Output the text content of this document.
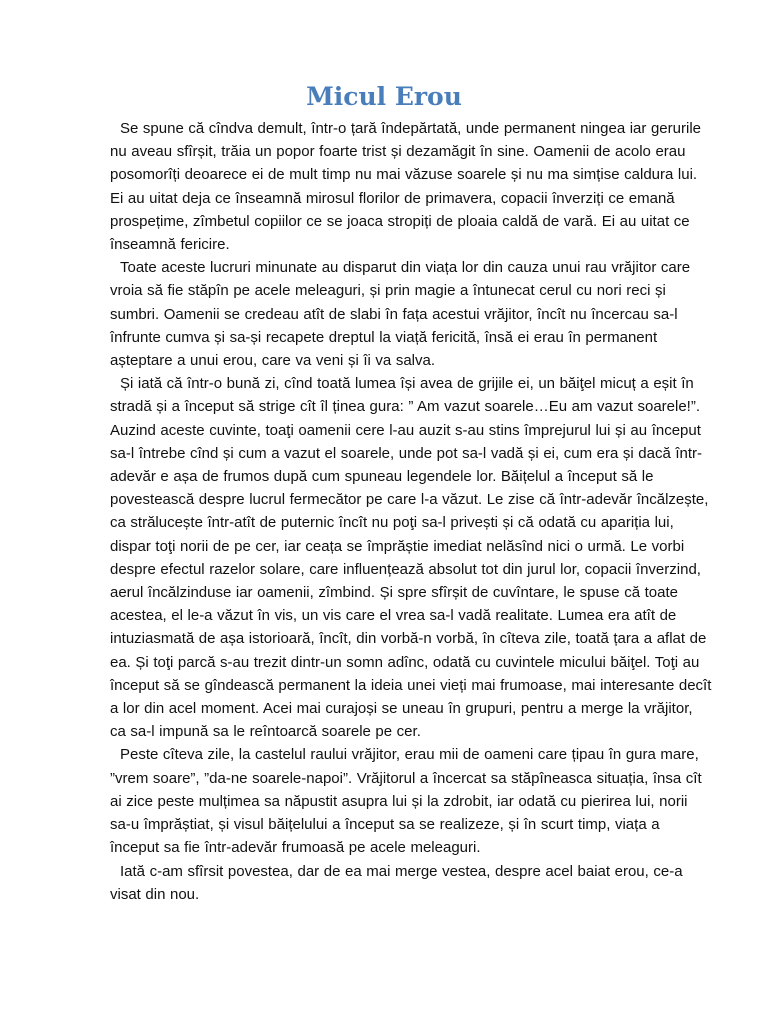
Micul Erou

Se spune că cîndva demult, într-o țară îndepărtată, unde permanent ningea iar gerurile nu aveau sfîrșit, trăia un popor foarte trist și dezamăgit în sine. Oamenii de acolo erau posomorîți deoarece ei de mult timp nu mai văzuse soarele și nu ma simțise caldura lui. Ei au uitat deja ce înseamnă mirosul florilor de primavera, copacii înverziți ce emană prospețime, zîmbetul copiilor ce se joaca stropiți de ploaia caldă de vară. Ei au uitat ce înseamnă fericire.

Toate aceste lucruri minunate au disparut din viața lor din cauza unui rau vrăjitor care vroia să fie stăpîn pe acele meleaguri, și prin magie a întunecat cerul cu nori reci și sumbri. Oamenii se credeau atît de slabi în fața acestui vrăjitor, încît nu încercau sa-l înfrunte cumva și sa-și recapete dreptul la viață fericită, însă ei erau în permanent așteptare a unui erou, care va veni și îi va salva.

Și iată că într-o bună zi, cînd toată lumea își avea de grijile ei, un băiţel micuț a eșit în stradă și a început să strige cît îl ținea gura: ” Am vazut soarele…Eu am vazut soarele!”. Auzind aceste cuvinte, toaţi oamenii cere l-au auzit s-au stins împrejurul lui și au început sa-l întrebe cînd și cum a vazut el soarele, unde pot sa-l vadă și ei, cum era și dacă într-adevăr e așa de frumos după cum spuneau legendele lor. Băițelul a început să le povestească despre lucrul fermecător pe care l-a văzut. Le zise că într-adevăr încălzește, ca strălucește într-atît de puternic încît nu poţi sa-l privești și că odată cu apariția lui, dispar toţi norii de pe cer, iar ceața se împrăștie imediat nelăsînd nici o urmă. Le vorbi despre efectul razelor solare, care influențează absolut tot din jurul lor, copacii înverzind, aerul încălzinduse iar oamenii, zîmbind. Și spre sfîrșit de cuvîntare, le spuse că toate acestea, el le-a văzut în vis, un vis care el vrea sa-l vadă realitate. Lumea era atît de intuziasmată de așa istorioară, încît, din vorbă-n vorbă, în cîteva zile, toată țara a aflat de ea. Și toţi parcă s-au trezit dintr-un somn adînc, odată cu cuvintele micului băiţel. Toţi au început să se gîndească permanent la ideia unei vieți mai frumoase, mai interesante decît a lor din acel moment. Acei mai curajoși se uneau în grupuri, pentru a merge la vrăjitor, ca sa-l impună sa le reîntoarcă soarele pe cer.

Peste cîteva zile, la castelul raului vrăjitor, erau mii de oameni care țipau în gura mare, ”vrem soare”, ”da-ne soarele-napoi”. Vrăjitorul a încercat sa stăpîneasca situația, însa cît ai zice peste mulțimea sa năpustit asupra lui și la zdrobit, iar odată cu pierirea lui, norii sa-u împrăștiat, și visul băițelului a început sa se realizeze, și în scurt timp, viața a început sa fie într-adevăr frumoasă pe acele meleaguri.

Iată c-am sfîrsit povestea, dar de ea mai merge vestea, despre acel baiat erou, ce-a visat din nou.
